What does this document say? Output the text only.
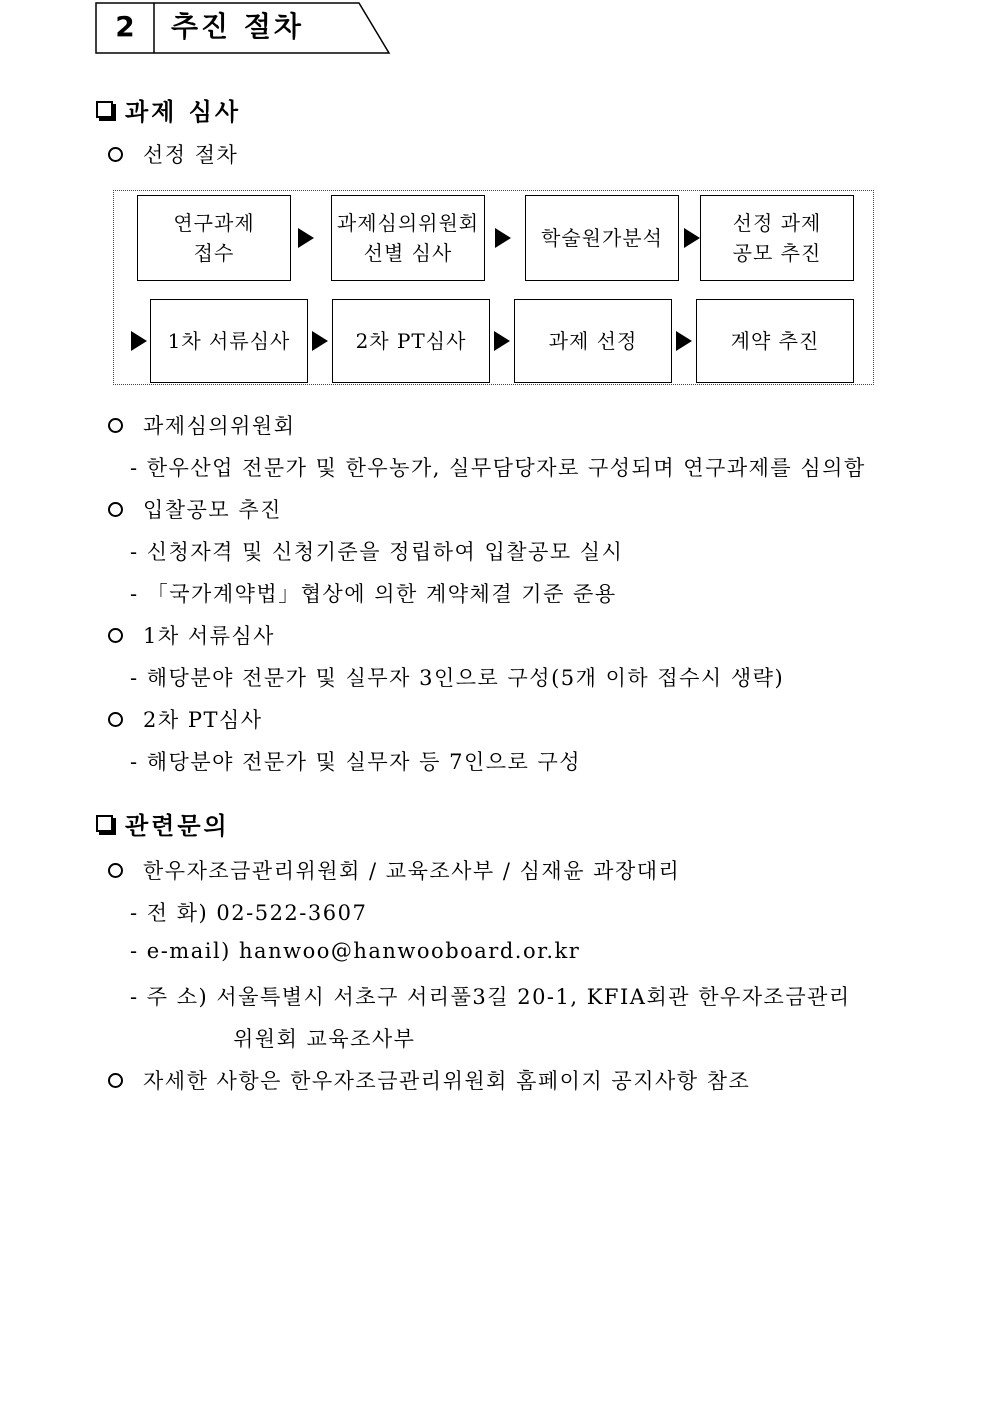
2	추진 절차
과제 심사
선정 절차
연구과제
접수
과제심의위원회
선별 심사
학술원가분석
선정 과제
공모 추진
1차 서류심사	2차 PT심사	과제 선정	계약 추진
과제심의위원회
- 한우산업 전문가 및 한우농가, 실무담당자로 구성되며 연구과제를 심의함
입찰공모 추진
- 신청자격 및 신청기준을 정립하여 입찰공모 실시
- 「국가계약법」협상에 의한 계약체결 기준 준용
1차 서류심사
- 해당분야 전문가 및 실무자 3인으로 구성(5개 이하 접수시 생략)
2차 PT심사
- 해당분야 전문가 및 실무자 등 7인으로 구성
관련문의
한우자조금관리위원회 / 교육조사부 / 심재윤 과장대리
- 전 화) 02-522-3607
- e-mail) hanwoo@hanwooboard.or.kr
- 주 소) 서울특별시 서초구 서리풀3길 20-1, KFIA회관 한우자조금관리
위원회 교육조사부
자세한 사항은 한우자조금관리위원회 홈페이지 공지사항 참조
